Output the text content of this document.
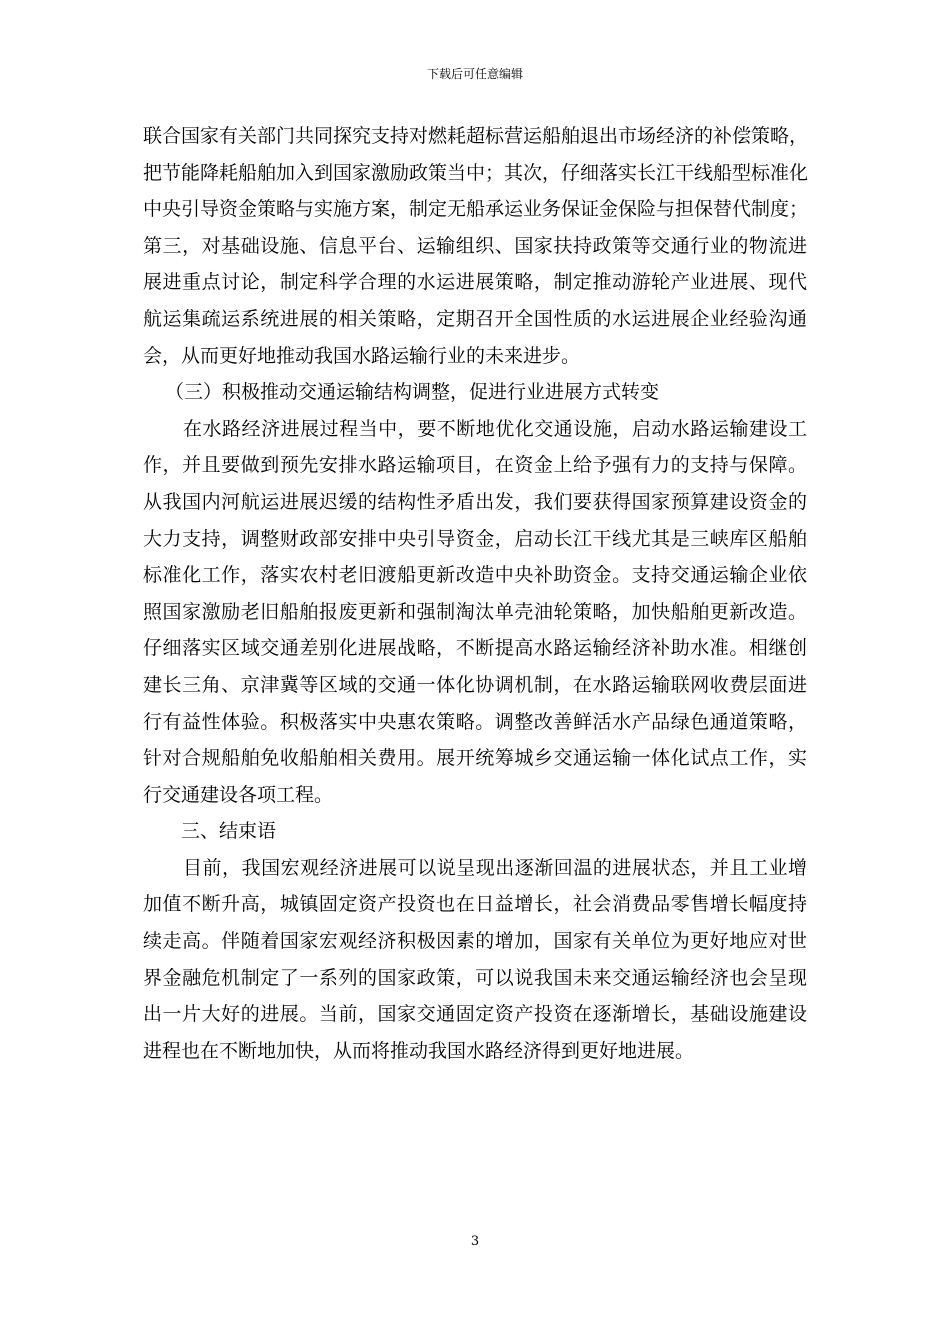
下载后可任意编辑
联合国家有关部门共同探究支持对燃耗超标营运船舶退出市场经济的补偿策略，
把节能降耗船舶加入到国家激励政策当中；其次，仔细落实长江干线船型标准化
中央引导资金策略与实施方案，制定无船承运业务保证金保险与担保替代制度；
第三，对基础设施、信息平台、运输组织、国家扶持政策等交通行业的物流进
展进重点讨论，制定科学合理的水运进展策略，制定推动游轮产业进展、现代
航运集疏运系统进展的相关策略，定期召开全国性质的水运进展企业经验沟通
会，从而更好地推动我国水路运输行业的未来进步。
（三）积极推动交通运输结构调整，促进行业进展方式转变
在水路经济进展过程当中，要不断地优化交通设施，启动水路运输建设工
作，并且要做到预先安排水路运输项目，在资金上给予强有力的支持与保障。
从我国内河航运进展迟缓的结构性矛盾出发，我们要获得国家预算建设资金的
大力支持，调整财政部安排中央引导资金，启动长江干线尤其是三峡库区船舶
标准化工作，落实农村老旧渡船更新改造中央补助资金。支持交通运输企业依
照国家激励老旧船舶报废更新和强制淘汰单壳油轮策略，加快船舶更新改造。
仔细落实区域交通差别化进展战略，不断提高水路运输经济补助水准。相继创
建长三角、京津冀等区域的交通一体化协调机制，在水路运输联网收费层面进
行有益性体验。积极落实中央惠农策略。调整改善鲜活水产品绿色通道策略，
针对合规船舶免收船舶相关费用。展开统筹城乡交通运输一体化试点工作，实
行交通建设各项工程。
三、结束语
目前，我国宏观经济进展可以说呈现出逐渐回温的进展状态，并且工业增
加值不断升高，城镇固定资产投资也在日益增长，社会消费品零售增长幅度持
续走高。伴随着国家宏观经济积极因素的增加，国家有关单位为更好地应对世
界金融危机制定了一系列的国家政策，可以说我国未来交通运输经济也会呈现
出一片大好的进展。当前，国家交通固定资产投资在逐渐增长，基础设施建设
进程也在不断地加快，从而将推动我国水路经济得到更好地进展。
3
